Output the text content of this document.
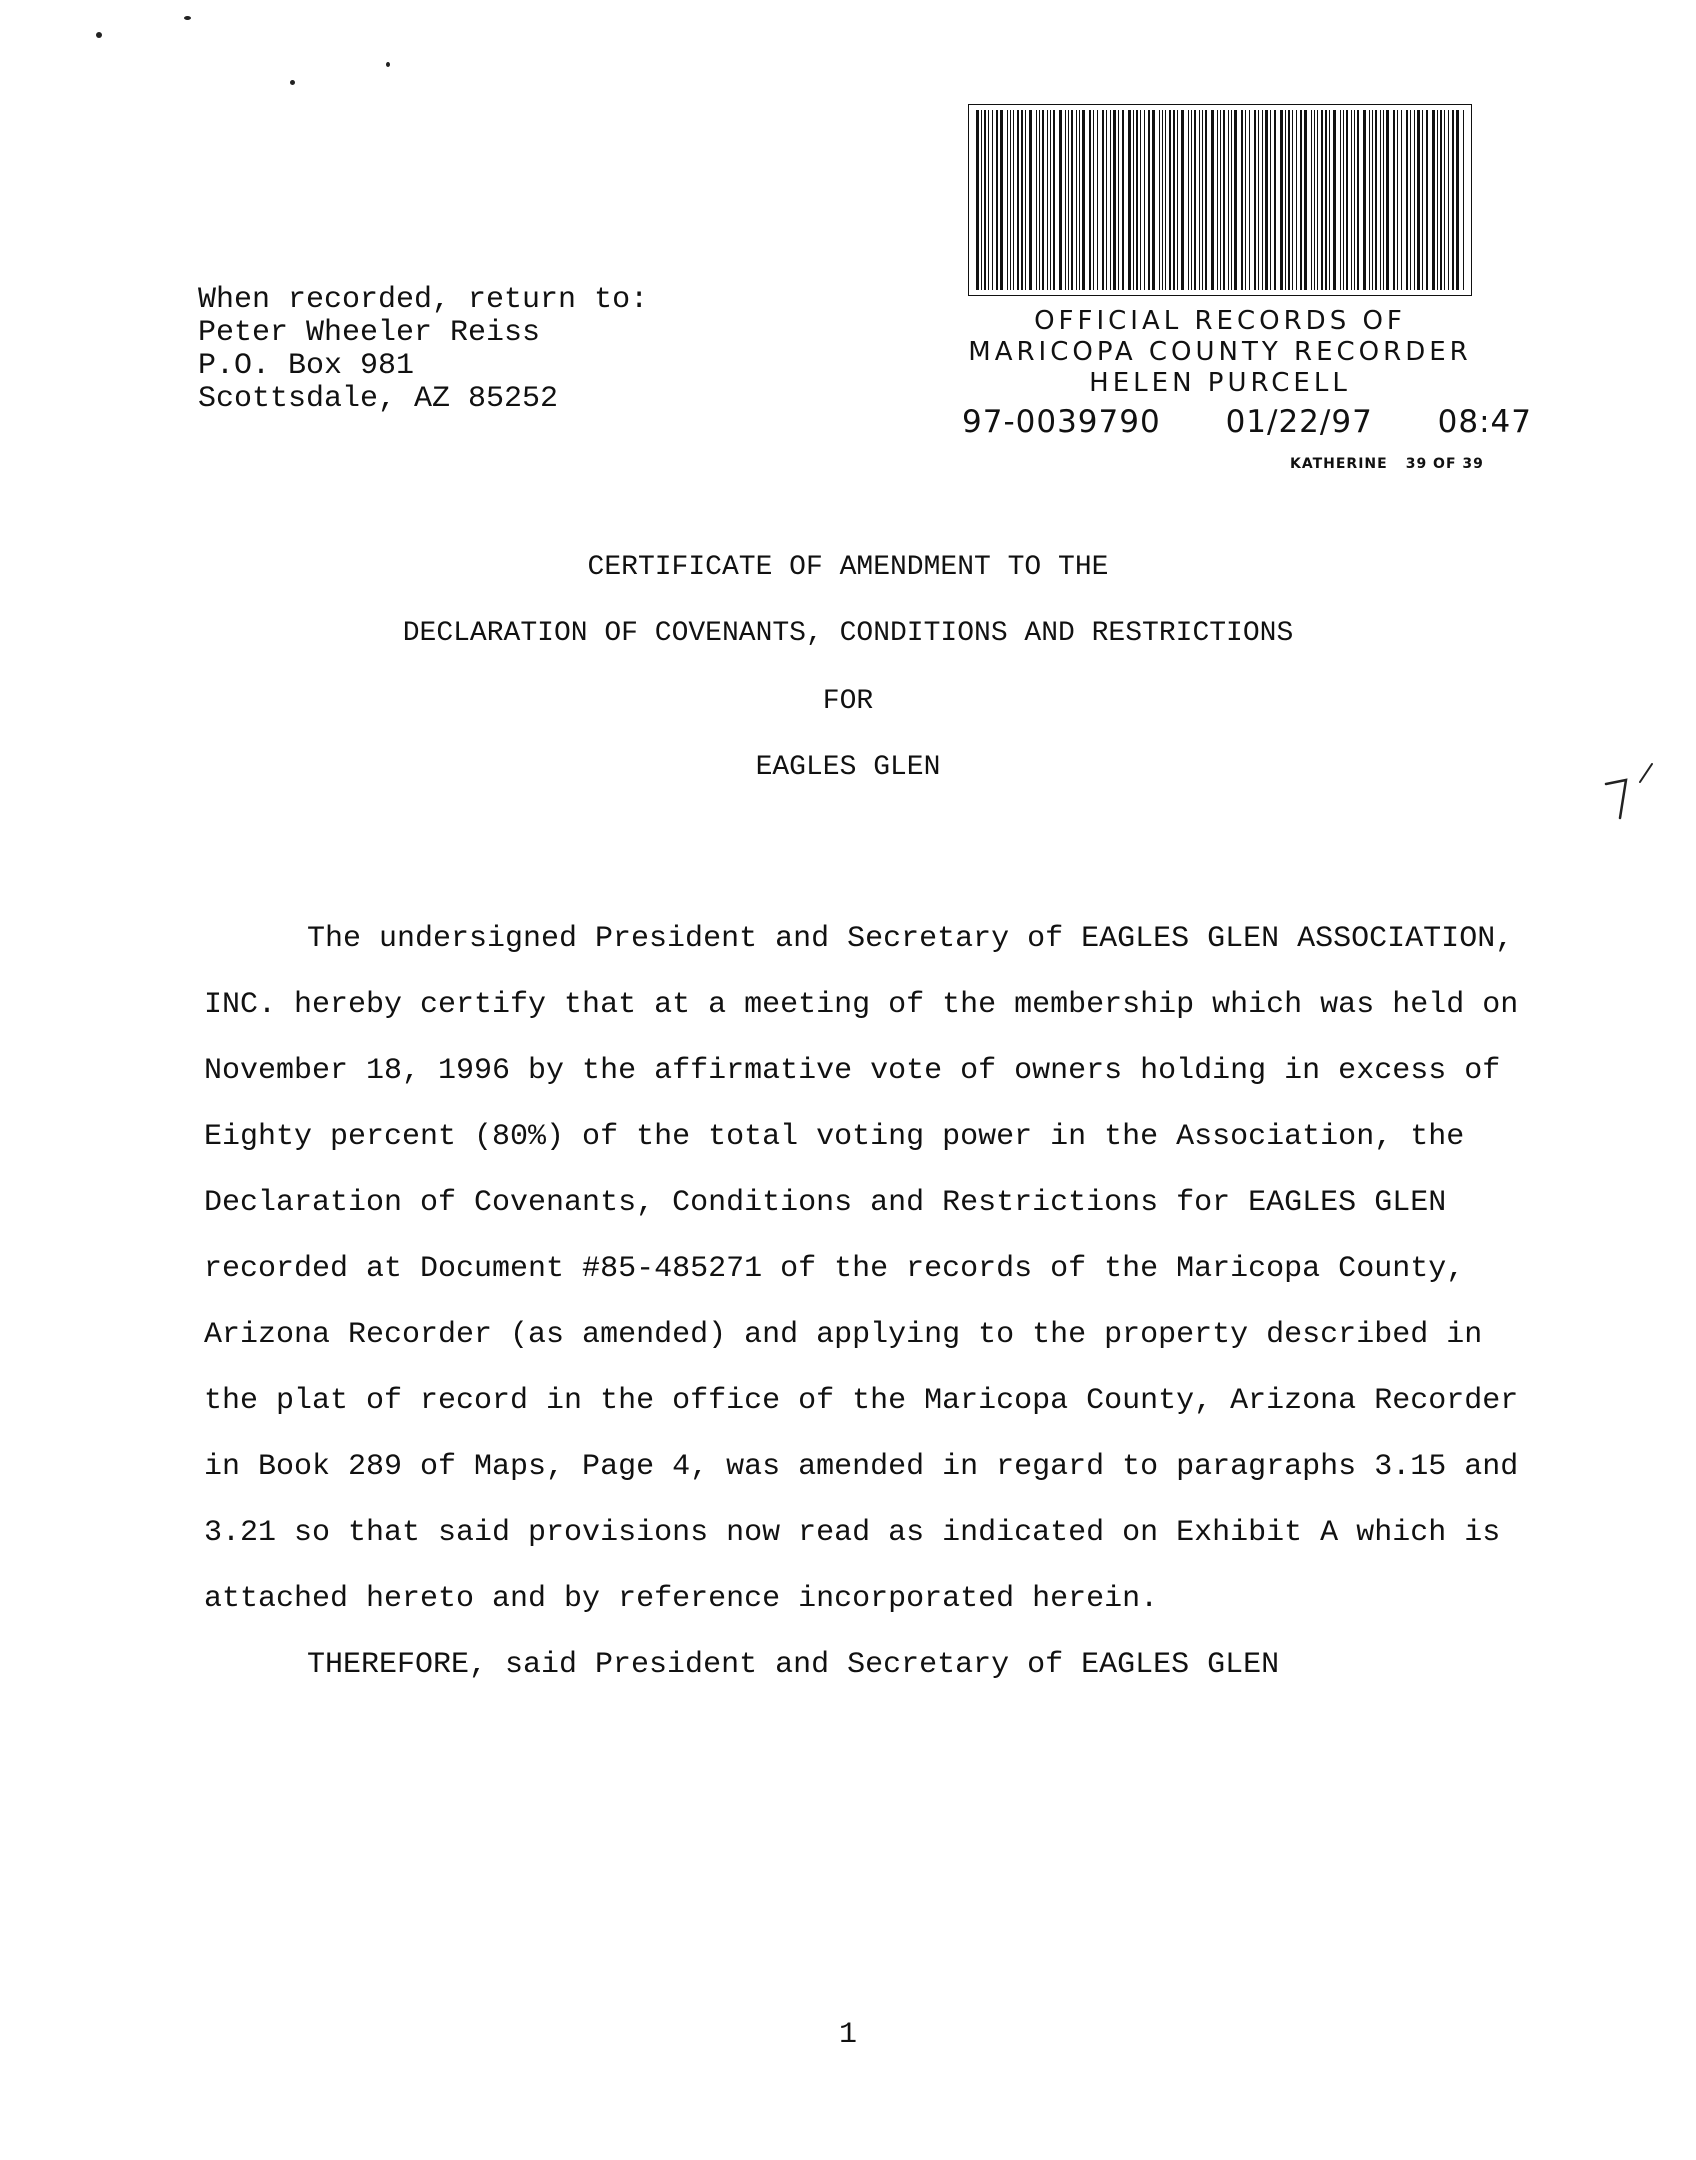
When recorded, return to:
Peter Wheeler Reiss
P.O. Box 981
Scottsdale, AZ 85252
OFFICIAL RECORDS OF
MARICOPA COUNTY RECORDER
HELEN PURCELL
97-0039790 01/22/97 08:47
KATHERINE 39 OF 39
CERTIFICATE OF AMENDMENT TO THE
DECLARATION OF COVENANTS, CONDITIONS AND RESTRICTIONS
FOR
EAGLES GLEN

The undersigned President and Secretary of EAGLES GLEN ASSOCIATION, INC. hereby certify that at a meeting of the membership which was held on November 18, 1996 by the affirmative vote of owners holding in excess of Eighty percent (80%) of the total voting power in the Association, the Declaration of Covenants, Conditions and Restrictions for EAGLES GLEN recorded at Document #85-485271 of the records of the Maricopa County, Arizona Recorder (as amended) and applying to the property described in the plat of record in the office of the Maricopa County, Arizona Recorder in Book 289 of Maps, Page 4, was amended in regard to paragraphs 3.15 and 3.21 so that said provisions now read as indicated on Exhibit A which is attached hereto and by reference incorporated herein.

THEREFORE, said President and Secretary of EAGLES GLEN

1
